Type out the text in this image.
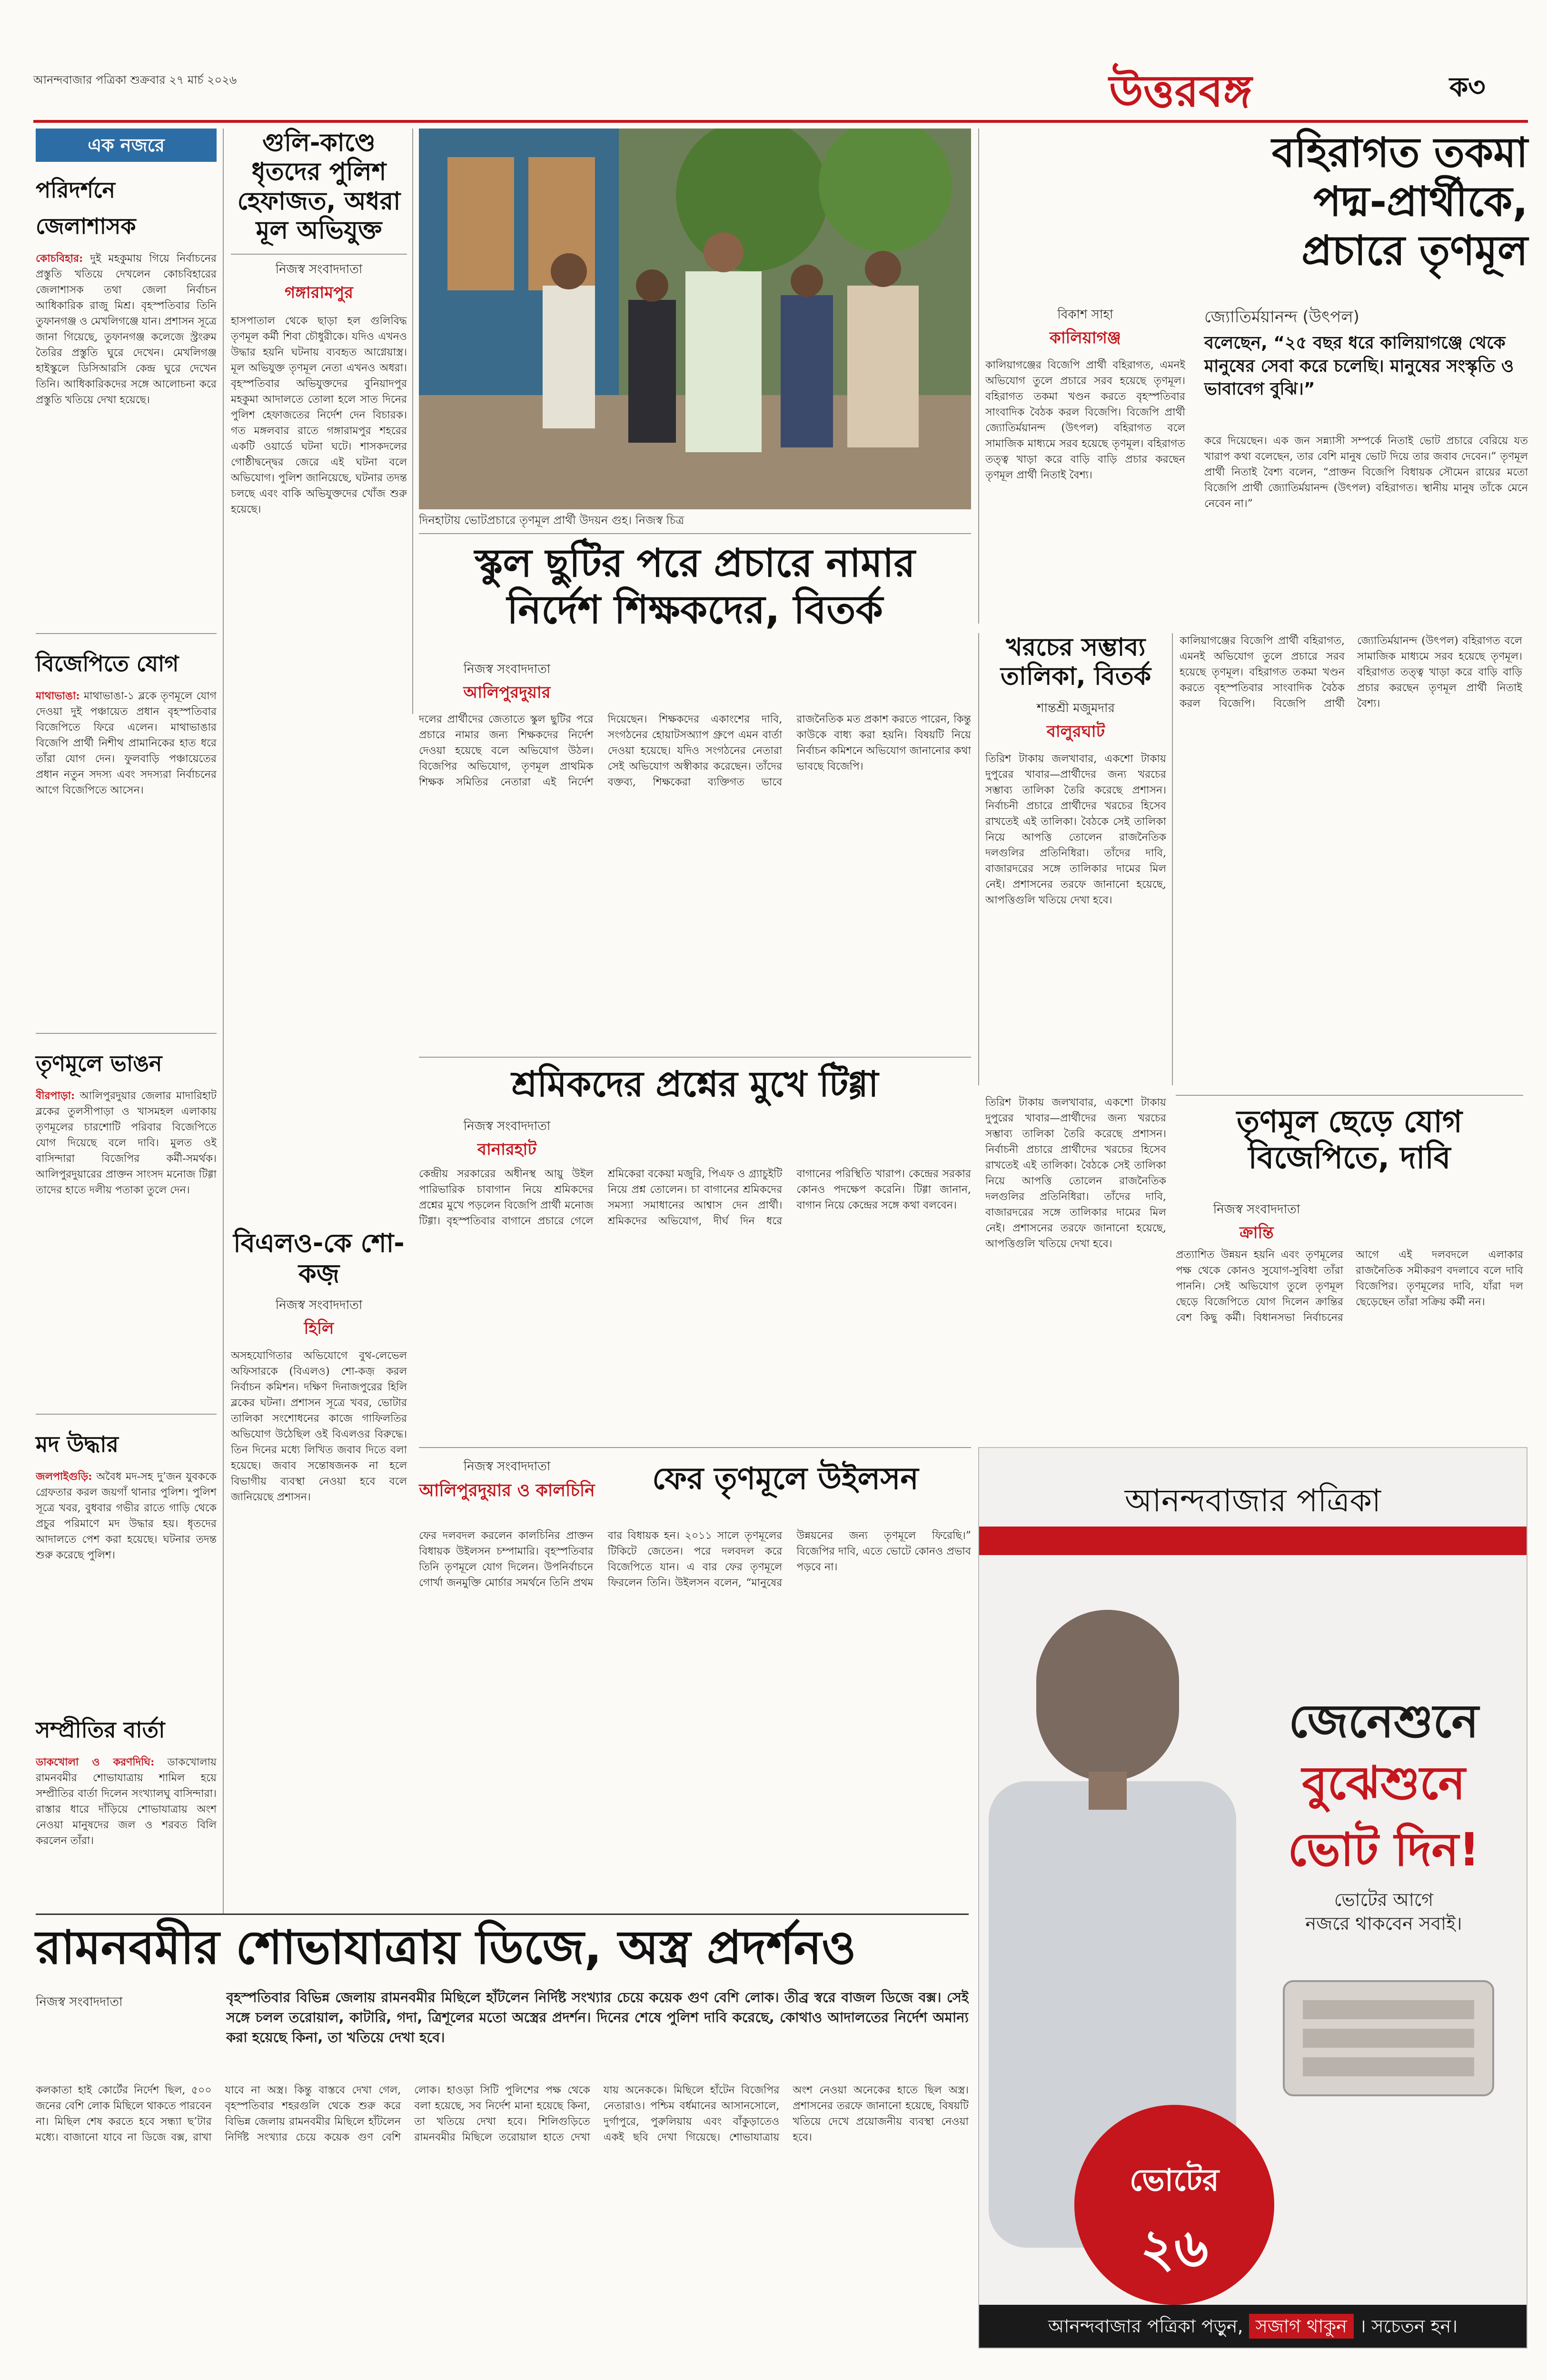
আনন্দবাজার পত্রিকা শুক্রবার ২৭ মার্চ ২০২৬	উত্তরবঙ্গ	ক৩
এক নজরে
পরিদর্শনে জেলাশাসক
কোচবিহার: দুই মহকুমায় গিয়ে নির্বাচনের প্রস্তুতি খতিয়ে দেখলেন কোচবিহারের জেলাশাসক তথা জেলা নির্বাচন আধিকারিক রাজু মিশ্র। বৃহস্পতিবার তিনি তুফানগঞ্জ ও মেখলিগঞ্জে যান। প্রশাসন সূত্রে জানা গিয়েছে, তুফানগঞ্জ কলেজে স্ট্রংরুম তৈরির প্রস্তুতি ঘুরে দেখেন। মেখলিগঞ্জ হাইস্কুলে ডিসিআরসি কেন্দ্র ঘুরে দেখেন তিনি। আধিকারিকদের সঙ্গে আলোচনা করে প্রস্তুতি খতিয়ে দেখা হয়েছে।
বিজেপিতে যোগ
মাথাভাঙা: মাথাভাঙা-১ ব্লকে তৃণমূলে যোগ দেওয়া দুই পঞ্চায়েত প্রধান বৃহস্পতিবার বিজেপিতে ফিরে এলেন। মাথাভাঙার বিজেপি প্রার্থী নিশীথ প্রামানিকের হাত ধরে তাঁরা যোগ দেন। ফুলবাড়ি পঞ্চায়েতের প্রধান নতুন সদস্য এবং সদস্যরা নির্বাচনের আগে বিজেপিতে আসেন।
তৃণমূলে ভাঙন
বীরপাড়া: আলিপুরদুয়ার জেলার মাদারিহাট ব্লকের তুলসীপাড়া ও খাসমহল এলাকায় তৃণমূলের চারশোটি পরিবার বিজেপিতে যোগ দিয়েছে বলে দাবি। মুলত ওই বাসিন্দারা বিজেপির কর্মী-সমর্থক। আলিপুরদুয়ারের প্রাক্তন সাংসদ মনোজ টিগ্গা তাদের হাতে দলীয় পতাকা তুলে দেন।
মদ উদ্ধার
জলপাইগুড়ি: অবৈধ মদ-সহ দু’জন যুবককে গ্রেফতার করল জয়গাঁ থানার পুলিশ। পুলিশ সূত্রে খবর, বুধবার গভীর রাতে গাড়ি থেকে প্রচুর পরিমাণে মদ উদ্ধার হয়। ধৃতদের আদালতে পেশ করা হয়েছে। ঘটনার তদন্ত শুরু করেছে পুলিশ।
সম্প্রীতির বার্তা
ডাকখোলা ও করণদিঘি: ডাকখোলায় রামনবমীর শোভাযাত্রায় শামিল হয়ে সম্প্রীতির বার্তা দিলেন সংখ্যালঘু বাসিন্দারা। রাস্তার ধারে দাঁড়িয়ে শোভাযাত্রায় অংশ নেওয়া মানুষদের জল ও শরবত বিলি করলেন তাঁরা।
গুলি-কাণ্ডে ধৃতদের পুলিশ হেফাজত, অধরা মূল অভিযুক্ত
নিজস্ব সংবাদদাতা
গঙ্গারামপুর
হাসপাতাল থেকে ছাড়া হল গুলিবিদ্ধ তৃণমূল কর্মী শিবা চৌধুরীকে। যদিও এখনও উদ্ধার হয়নি ঘটনায় ব্যবহৃত আগ্নেয়াস্ত্র। মূল অভিযুক্ত তৃণমূল নেতা এখনও অধরা। বৃহস্পতিবার অভিযুক্তদের বুনিয়াদপুর মহকুমা আদালতে তোলা হলে সাত দিনের পুলিশ হেফাজতের নির্দেশ দেন বিচারক। গত মঙ্গলবার রাতে গঙ্গারামপুর শহরের একটি ওয়ার্ডে ঘটনা ঘটে। শাসকদলের গোষ্ঠীদ্বন্দ্বের জেরে এই ঘটনা বলে অভিযোগ। পুলিশ জানিয়েছে, ঘটনার তদন্ত চলছে এবং বাকি অভিযুক্তদের খোঁজ শুরু হয়েছে।
দিনহাটায় ভোটপ্রচারে তৃণমূল প্রার্থী উদয়ন গুহ। নিজস্ব চিত্র
বহিরাগত তকমা
পদ্ম-প্রার্থীকে,
প্রচারে তৃণমূল
বিকাশ সাহা
কালিয়াগঞ্জ
কালিয়াগঞ্জের বিজেপি প্রার্থী বহিরাগত, এমনই অভিযোগ তুলে প্রচারে সরব হয়েছে তৃণমূল। বহিরাগত তকমা খণ্ডন করতে বৃহস্পতিবার সাংবাদিক বৈঠক করল বিজেপি। বিজেপি প্রার্থী জ্যোতির্ময়ানন্দ (উৎপল) বহিরাগত বলে সামাজিক মাধ্যমে সরব হয়েছে তৃণমূল। বহিরাগত তত্ত্ব খাড়া করে বাড়ি বাড়ি প্রচার করছেন তৃণমূল প্রার্থী নিতাই বৈশ্য।
জ্যোতির্ময়ানন্দ (উৎপল)
বলেছেন, “২৫ বছর ধরে কালিয়াগঞ্জে থেকে মানুষের সেবা করে চলেছি। মানুষের সংস্কৃতি ও ভাবাবেগ বুঝি।”
করে দিয়েছেন। এক জন সন্ন্যাসী সম্পর্কে নিতাই ভোট প্রচারে বেরিয়ে যত খারাপ কথা বলেছেন, তার বেশি মানুষ ভোট দিয়ে তার জবাব দেবেন।” তৃণমূল প্রার্থী নিতাই বৈশ্য বলেন, “প্রাক্তন বিজেপি বিধায়ক সৌমেন রায়ের মতো বিজেপি প্রার্থী জ্যোতির্ময়ানন্দ (উৎপল) বহিরাগত। স্থানীয় মানুষ তাঁকে মেনে নেবেন না।”
স্কুল ছুটির পরে প্রচারে নামার
নির্দেশ শিক্ষকদের, বিতর্ক
নিজস্ব সংবাদদাতা
আলিপুরদুয়ার
দলের প্রার্থীদের জেতাতে স্কুল ছুটির পরে প্রচারে নামার জন্য শিক্ষকদের নির্দেশ দেওয়া হয়েছে বলে অভিযোগ উঠল। বিজেপির অভিযোগ, তৃণমূল প্রাথমিক শিক্ষক সমিতির নেতারা এই নির্দেশ দিয়েছেন। শিক্ষকদের একাংশের দাবি, সংগঠনের হোয়াটসঅ্যাপ গ্রুপে এমন বার্তা দেওয়া হয়েছে। যদিও সংগঠনের নেতারা সেই অভিযোগ অস্বীকার করেছেন। তাঁদের বক্তব্য, শিক্ষকেরা ব্যক্তিগত ভাবে রাজনৈতিক মত প্রকাশ করতে পারেন, কিন্তু কাউকে বাধ্য করা হয়নি। বিষয়টি নিয়ে নির্বাচন কমিশনে অভিযোগ জানানোর কথা ভাবছে বিজেপি।
খরচের সম্ভাব্য তালিকা, বিতর্ক
শান্তশ্রী মজুমদার
বালুরঘাট
তিরিশ টাকায় জলখাবার, একশো টাকায় দুপুরের খাবার—প্রার্থীদের জন্য খরচের সম্ভাব্য তালিকা তৈরি করেছে প্রশাসন। নির্বাচনী প্রচারে প্রার্থীদের খরচের হিসেব রাখতেই এই তালিকা। বৈঠকে সেই তালিকা নিয়ে আপত্তি তোলেন রাজনৈতিক দলগুলির প্রতিনিধিরা। তাঁদের দাবি, বাজারদরের সঙ্গে তালিকার দামের মিল নেই। প্রশাসনের তরফে জানানো হয়েছে, আপত্তিগুলি খতিয়ে দেখা হবে।
কালিয়াগঞ্জের বিজেপি প্রার্থী বহিরাগত, এমনই অভিযোগ তুলে প্রচারে সরব হয়েছে তৃণমূল। বহিরাগত তকমা খণ্ডন করতে বৃহস্পতিবার সাংবাদিক বৈঠক করল বিজেপি। বিজেপি প্রার্থী জ্যোতির্ময়ানন্দ (উৎপল) বহিরাগত বলে সামাজিক মাধ্যমে সরব হয়েছে তৃণমূল। বহিরাগত তত্ত্ব খাড়া করে বাড়ি বাড়ি প্রচার করছেন তৃণমূল প্রার্থী নিতাই বৈশ্য।
শ্রমিকদের প্রশ্নের মুখে টিগ্গা
নিজস্ব সংবাদদাতা
বানারহাট
কেন্দ্রীয় সরকারের অধীনস্থ আয়ু উইল পারিভারিক চাবাগান নিয়ে শ্রমিকদের প্রশ্নের মুখে পড়লেন বিজেপি প্রার্থী মনোজ টিগ্গা। বৃহস্পতিবার বাগানে প্রচারে গেলে শ্রমিকেরা বকেয়া মজুরি, পিএফ ও গ্র্যাচুইটি নিয়ে প্রশ্ন তোলেন। চা বাগানের শ্রমিকদের সমস্যা সমাধানের আশ্বাস দেন প্রার্থী। শ্রমিকদের অভিযোগ, দীর্ঘ দিন ধরে বাগানের পরিস্থিতি খারাপ। কেন্দ্রের সরকার কোনও পদক্ষেপ করেনি। টিগ্গা জানান, বাগান নিয়ে কেন্দ্রের সঙ্গে কথা বলবেন।
বিএলও-কে শো-কজ়
নিজস্ব সংবাদদাতা
হিলি
অসহযোগিতার অভিযোগে বুথ-লেভেল অফিসারকে (বিএলও) শো-কজ় করল নির্বাচন কমিশন। দক্ষিণ দিনাজপুরের হিলি ব্লকের ঘটনা। প্রশাসন সূত্রে খবর, ভোটার তালিকা সংশোধনের কাজে গাফিলতির অভিযোগ উঠেছিল ওই বিএলওর বিরুদ্ধে। তিন দিনের মধ্যে লিখিত জবাব দিতে বলা হয়েছে। জবাব সন্তোষজনক না হলে বিভাগীয় ব্যবস্থা নেওয়া হবে বলে জানিয়েছে প্রশাসন।
তৃণমূল ছেড়ে যোগ বিজেপিতে, দাবি
নিজস্ব সংবাদদাতা
ক্রান্তি
প্রত্যাশিত উন্নয়ন হয়নি এবং তৃণমূলের পক্ষ থেকে কোনও সুযোগ-সুবিধা তাঁরা পাননি। সেই অভিযোগ তুলে তৃণমূল ছেড়ে বিজেপিতে যোগ দিলেন ক্রান্তির বেশ কিছু কর্মী। বিধানসভা নির্বাচনের আগে এই দলবদলে এলাকার রাজনৈতিক সমীকরণ বদলাবে বলে দাবি বিজেপির। তৃণমূলের দাবি, যাঁরা দল ছেড়েছেন তাঁরা সক্রিয় কর্মী নন।
তিরিশ টাকায় জলখাবার, একশো টাকায় দুপুরের খাবার—প্রার্থীদের জন্য খরচের সম্ভাব্য তালিকা তৈরি করেছে প্রশাসন। নির্বাচনী প্রচারে প্রার্থীদের খরচের হিসেব রাখতেই এই তালিকা। বৈঠকে সেই তালিকা নিয়ে আপত্তি তোলেন রাজনৈতিক দলগুলির প্রতিনিধিরা। তাঁদের দাবি, বাজারদরের সঙ্গে তালিকার দামের মিল নেই। প্রশাসনের তরফে জানানো হয়েছে, আপত্তিগুলি খতিয়ে দেখা হবে।
নিজস্ব সংবাদদাতা
আলিপুরদুয়ার ও কালচিনি	ফের তৃণমূলে উইলসন
ফের দলবদল করলেন কালচিনির প্রাক্তন বিধায়ক উইলসন চম্পামারি। বৃহস্পতিবার তিনি তৃণমূলে যোগ দিলেন। উপনির্বাচনে গোর্খা জনমুক্তি মোর্চার সমর্থনে তিনি প্রথম বার বিধায়ক হন। ২০১১ সালে তৃণমূলের টিকিটে জেতেন। পরে দলবদল করে বিজেপিতে যান। এ বার ফের তৃণমূলে ফিরলেন তিনি। উইলসন বলেন, “মানুষের উন্নয়নের জন্য তৃণমূলে ফিরেছি।” বিজেপির দাবি, এতে ভোটে কোনও প্রভাব পড়বে না।
আনন্দবাজার পত্রিকা
জেনেশুনে
বুঝেশুনে
ভোট দিন!
ভোটের আগে
নজরে থাকবেন সবাই।
ভোটের
২৬
আনন্দবাজার পত্রিকা পড়ুন, সজাগ থাকুন । সচেতন হন।
রামনবমীর শোভাযাত্রায় ডিজে, অস্ত্র প্রদর্শনও
নিজস্ব সংবাদদাতা	বৃহস্পতিবার বিভিন্ন জেলায় রামনবমীর মিছিলে হাঁটলেন নির্দিষ্ট সংখ্যার চেয়ে কয়েক গুণ বেশি লোক। তীব্র স্বরে বাজল ডিজে বক্স। সেই সঙ্গে চলল তরোয়াল, কাটারি, গদা, ত্রিশূলের মতো অস্ত্রের প্রদর্শন। দিনের শেষে পুলিশ দাবি করেছে, কোথাও আদালতের নির্দেশ অমান্য করা হয়েছে কিনা, তা খতিয়ে দেখা হবে।
কলকাতা হাই কোর্টের নির্দেশ ছিল, ৫০০ জনের বেশি লোক মিছিলে থাকতে পারবেন না। মিছিল শেষ করতে হবে সন্ধ্যা ছ’টার মধ্যে। বাজানো যাবে না ডিজে বক্স, রাখা যাবে না অস্ত্র। কিন্তু বাস্তবে দেখা গেল, বৃহস্পতিবার শহরগুলি থেকে শুরু করে বিভিন্ন জেলায় রামনবমীর মিছিলে হাঁটলেন নির্দিষ্ট সংখ্যার চেয়ে কয়েক গুণ বেশি লোক। হাওড়া সিটি পুলিশের পক্ষ থেকে বলা হয়েছে, সব নির্দেশ মানা হয়েছে কিনা, তা খতিয়ে দেখা হবে। শিলিগুড়িতে রামনবমীর মিছিলে তরোয়াল হাতে দেখা যায় অনেককে। মিছিলে হাঁটেন বিজেপির নেতারাও। পশ্চিম বর্ধমানের আসানসোলে, দুর্গাপুরে, পুরুলিয়ায় এবং বাঁকুড়াতেও একই ছবি দেখা গিয়েছে। শোভাযাত্রায় অংশ নেওয়া অনেকের হাতে ছিল অস্ত্র। প্রশাসনের তরফে জানানো হয়েছে, বিষয়টি খতিয়ে দেখে প্রয়োজনীয় ব্যবস্থা নেওয়া হবে।
